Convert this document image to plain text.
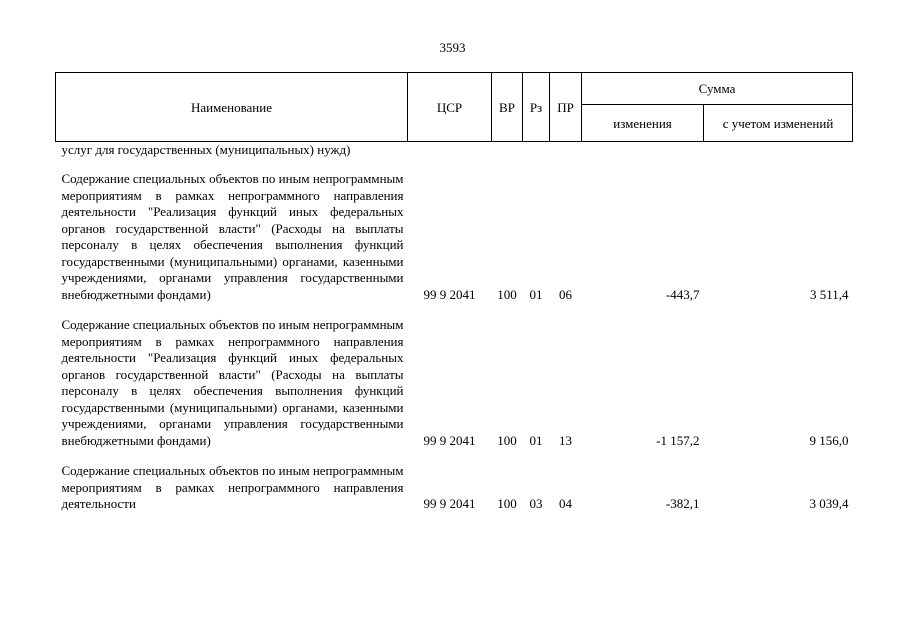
3593
Наименование	ЦСР	ВР	Рз	ПР	Сумма	
					изменения	с учетом изменений
услуг для государственных (муниципальных) нужд)						

Содержание специальных объектов по иным непрограммным мероприятиям в рамках непрограммного направления деятельности "Реализация функций иных федеральных органов государственной власти" (Расходы на выплаты персоналу в целях обеспечения выполнения функций государственными (муниципальными) органами, казенными учреждениями, органами управления государственными внебюджетными фондами)	99 9 2041	100	01	06	-443,7	3 511,4

Содержание специальных объектов по иным непрограммным мероприятиям в рамках непрограммного направления деятельности "Реализация функций иных федеральных органов государственной власти" (Расходы на выплаты персоналу в целях обеспечения выполнения функций государственными (муниципальными) органами, казенными учреждениями, органами управления государственными внебюджетными фондами)	99 9 2041	100	01	13	-1 157,2	9 156,0

Содержание специальных объектов по иным непрограммным мероприятиям в рамках непрограммного направления деятельности	99 9 2041	100	03	04	-382,1	3 039,4
